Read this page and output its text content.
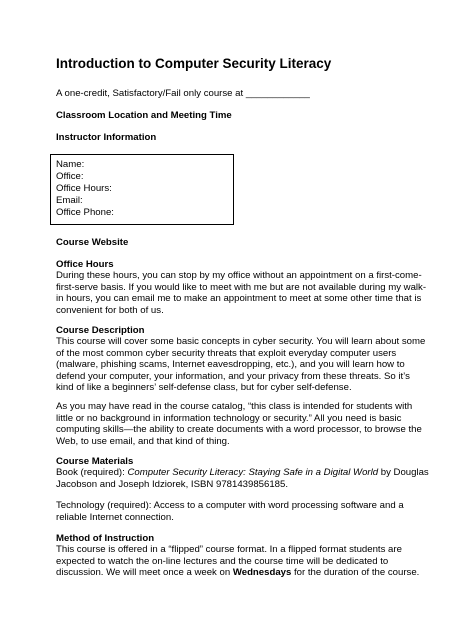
Introduction to Computer Security Literacy
A one-credit, Satisfactory/Fail only course at ____________
Classroom Location and Meeting Time
Instructor Information
Name:
Office:
Office Hours:
Email:
Office Phone:
Course Website
Office Hours
During these hours, you can stop by my office without an appointment on a first-come-
first-serve basis. If you would like to meet with me but are not available during my walk-
in hours, you can email me to make an appointment to meet at some other time that is
convenient for both of us.
Course Description
This course will cover some basic concepts in cyber security. You will learn about some
of the most common cyber security threats that exploit everyday computer users
(malware, phishing scams, Internet eavesdropping, etc.), and you will learn how to
defend your computer, your information, and your privacy from these threats. So it’s
kind of like a beginners’ self-defense class, but for cyber self-defense.
As you may have read in the course catalog, “this class is intended for students with
little or no background in information technology or security.” All you need is basic
computing skills—the ability to create documents with a word processor, to browse the
Web, to use email, and that kind of thing.
Course Materials
Book (required): Computer Security Literacy: Staying Safe in a Digital World by Douglas
Jacobson and Joseph Idziorek, ISBN 9781439856185.
Technology (required): Access to a computer with word processing software and a
reliable Internet connection.
Method of Instruction
This course is offered in a “flipped” course format. In a flipped format students are
expected to watch the on-line lectures and the course time will be dedicated to
discussion. We will meet once a week on Wednesdays for the duration of the course.
